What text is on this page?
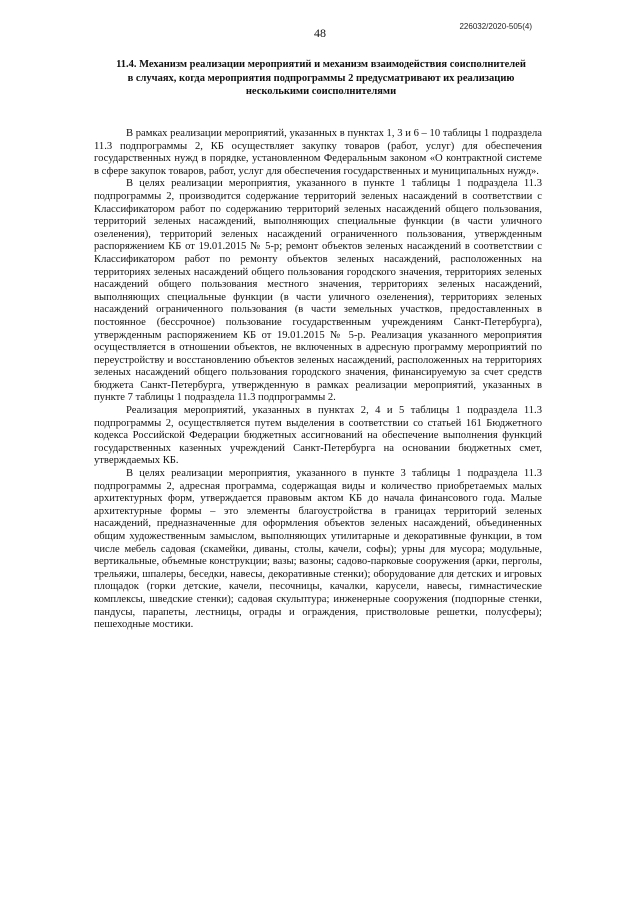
48	226032/2020-505(4)
11.4. Механизм реализации мероприятий и механизм взаимодействия соисполнителей в случаях, когда мероприятия подпрограммы 2 предусматривают их реализацию несколькими соисполнителями

В рамках реализации мероприятий, указанных в пунктах 1, 3 и 6 – 10 таблицы 1 подраздела 11.3 подпрограммы 2, КБ осуществляет закупку товаров (работ, услуг) для обеспечения государственных нужд в порядке, установленном Федеральным законом «О контрактной системе в сфере закупок товаров, работ, услуг для обеспечения государственных и муниципальных нужд».

В целях реализации мероприятия, указанного в пункте 1 таблицы 1 подраздела 11.3 подпрограммы 2, производится содержание территорий зеленых насаждений в соответствии с Классификатором работ по содержанию территорий зеленых насаждений общего пользования, территорий зеленых насаждений, выполняющих специальные функции (в части уличного озеленения), территорий зеленых насаждений ограниченного пользования, утвержденным распоряжением КБ от 19.01.2015 № 5-р; ремонт объектов зеленых насаждений в соответствии с Классификатором работ по ремонту объектов зеленых насаждений, расположенных на территориях зеленых насаждений общего пользования городского значения, территориях зеленых насаждений общего пользования местного значения, территориях зеленых насаждений, выполняющих специальные функции (в части уличного озеленения), территориях зеленых насаждений ограниченного пользования (в части земельных участков, предоставленных в постоянное (бессрочное) пользование государственным учреждениям Санкт-Петербурга), утвержденным распоряжением КБ от 19.01.2015 № 5-р. Реализация указанного мероприятия осуществляется в отношении объектов, не включенных в адресную программу мероприятий по переустройству и восстановлению объектов зеленых насаждений, расположенных на территориях зеленых насаждений общего пользования городского значения, финансируемую за счет средств бюджета Санкт-Петербурга, утвержденную в рамках реализации мероприятий, указанных в пункте 7 таблицы 1 подраздела 11.3 подпрограммы 2.

Реализация мероприятий, указанных в пунктах 2, 4 и 5 таблицы 1 подраздела 11.3 подпрограммы 2, осуществляется путем выделения в соответствии со статьей 161 Бюджетного кодекса Российской Федерации бюджетных ассигнований на обеспечение выполнения функций государственных казенных учреждений Санкт-Петербурга на основании бюджетных смет, утверждаемых КБ.

В целях реализации мероприятия, указанного в пункте 3 таблицы 1 подраздела 11.3 подпрограммы 2, адресная программа, содержащая виды и количество приобретаемых малых архитектурных форм, утверждается правовым актом КБ до начала финансового года. Малые архитектурные формы – это элементы благоустройства в границах территорий зеленых насаждений, предназначенные для оформления объектов зеленых насаждений, объединенных общим художественным замыслом, выполняющих утилитарные и декоративные функции, в том числе мебель садовая (скамейки, диваны, столы, качели, софы); урны для мусора; модульные, вертикальные, объемные конструкции; вазы; вазоны; садово-парковые сооружения (арки, перголы, трельяжи, шпалеры, беседки, навесы, декоративные стенки); оборудование для детских и игровых площадок (горки детские, качели, песочницы, качалки, карусели, навесы, гимнастические комплексы, шведские стенки); садовая скульптура; инженерные сооружения (подпорные стенки, пандусы, парапеты, лестницы, ограды и ограждения, пристволовые решетки, полусферы); пешеходные мостики.
